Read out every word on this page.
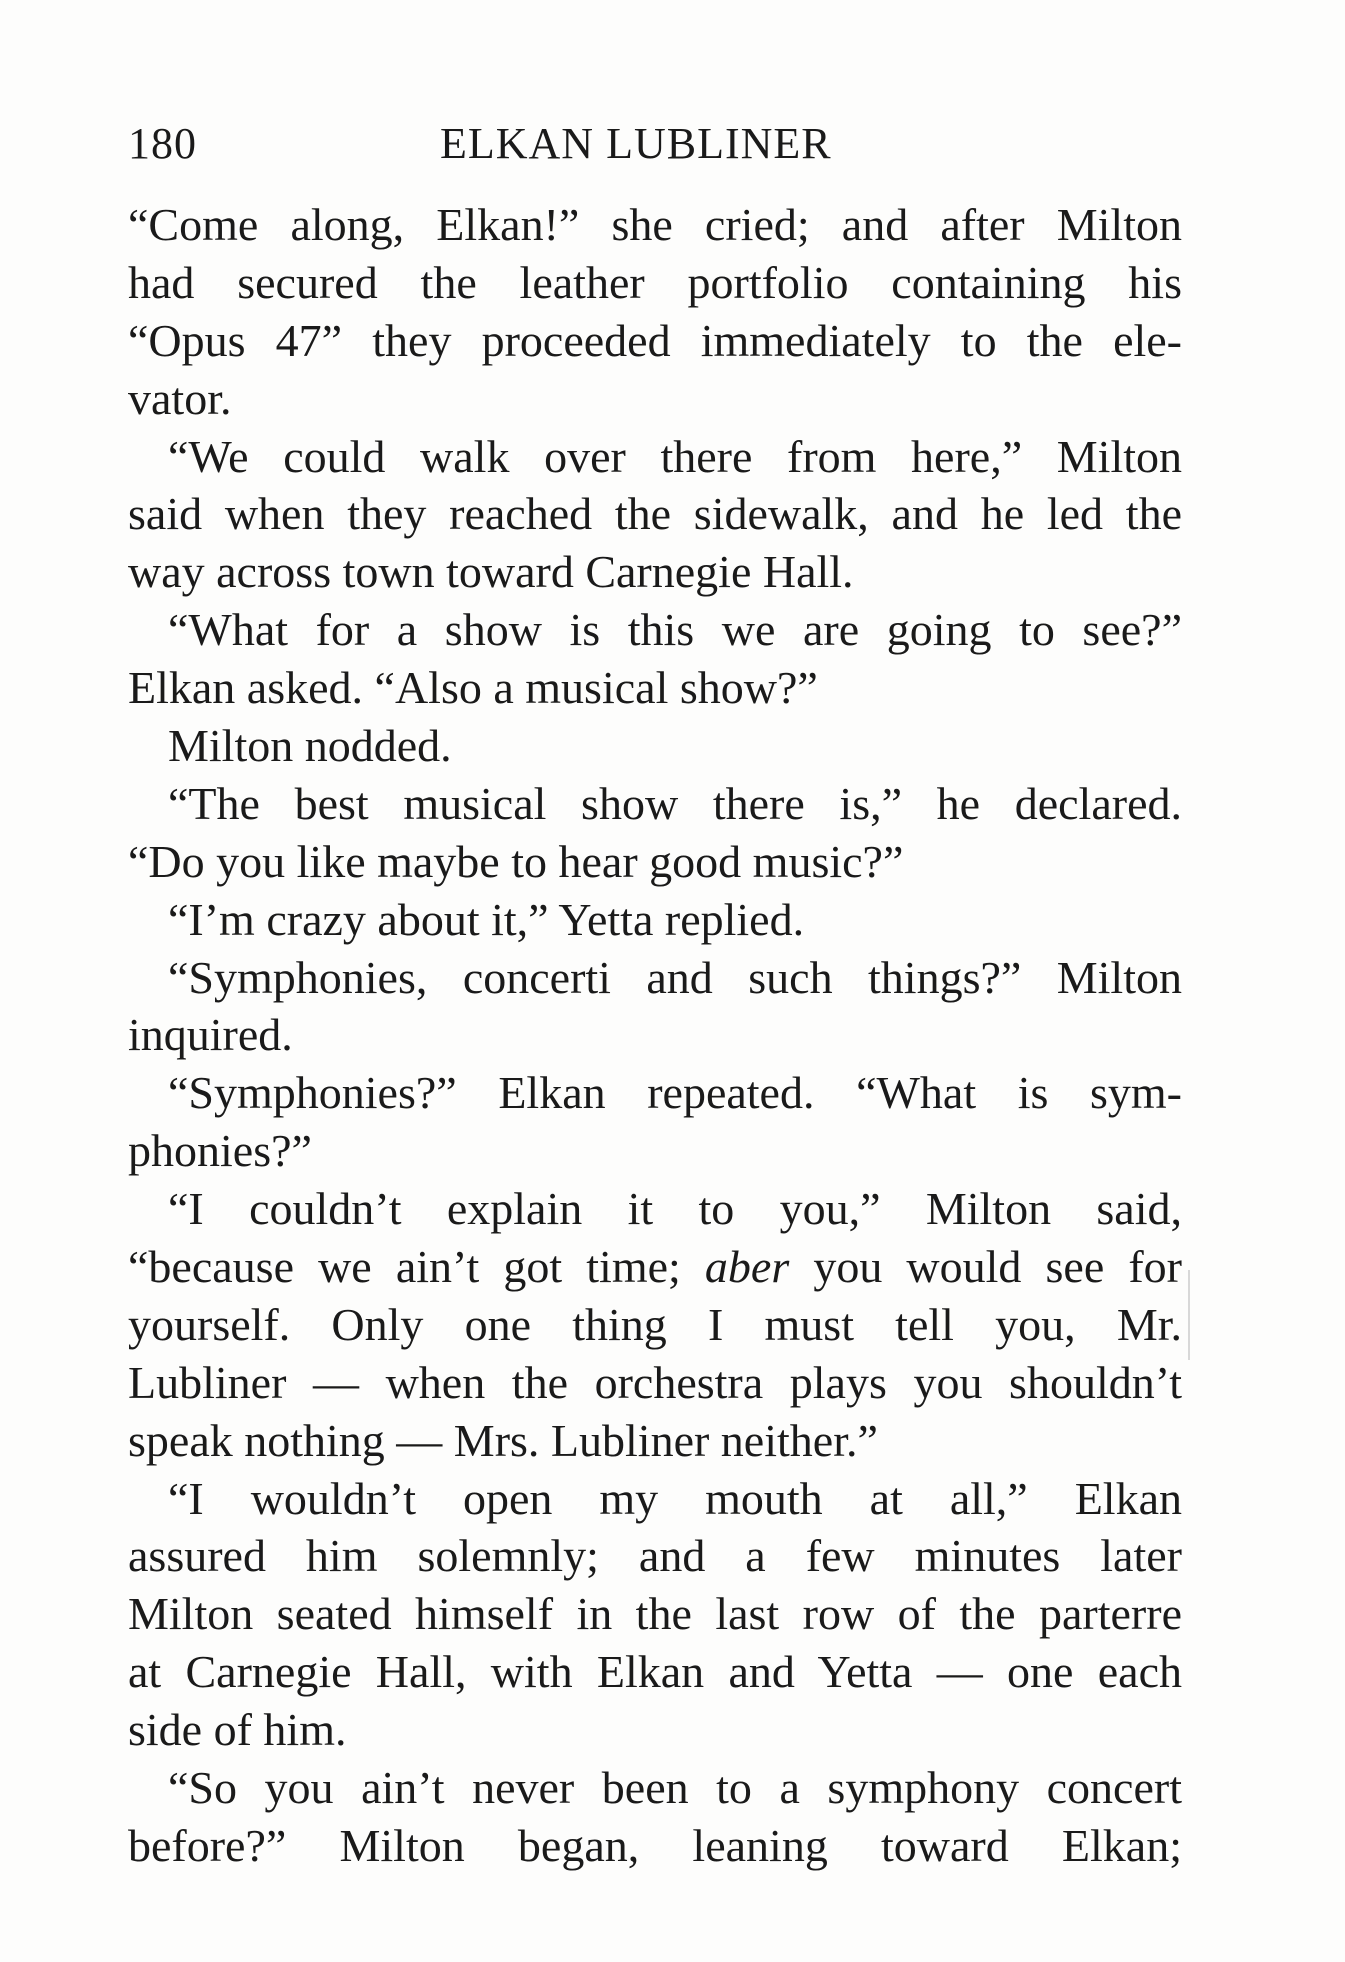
180	ELKAN LUBLINER
“Come along, Elkan!” she cried; and after Milton
had secured the leather portfolio containing his
“Opus 47” they proceeded immediately to the ele-
vator.
“We could walk over there from here,” Milton
said when they reached the sidewalk, and he led the
way across town toward Carnegie Hall.
“What for a show is this we are going to see?”
Elkan asked. “Also a musical show?”
Milton nodded.
“The best musical show there is,” he declared.
“Do you like maybe to hear good music?”
“I’m crazy about it,” Yetta replied.
“Symphonies, concerti and such things?” Milton
inquired.
“Symphonies?” Elkan repeated. “What is sym-
phonies?”
“I couldn’t explain it to you,” Milton said,
“because we ain’t got time; aber you would see for
yourself. Only one thing I must tell you, Mr.
Lubliner — when the orchestra plays you shouldn’t
speak nothing — Mrs. Lubliner neither.”
“I wouldn’t open my mouth at all,” Elkan
assured him solemnly; and a few minutes later
Milton seated himself in the last row of the parterre
at Carnegie Hall, with Elkan and Yetta — one each
side of him.
“So you ain’t never been to a symphony concert
before?” Milton began, leaning toward Elkan;
